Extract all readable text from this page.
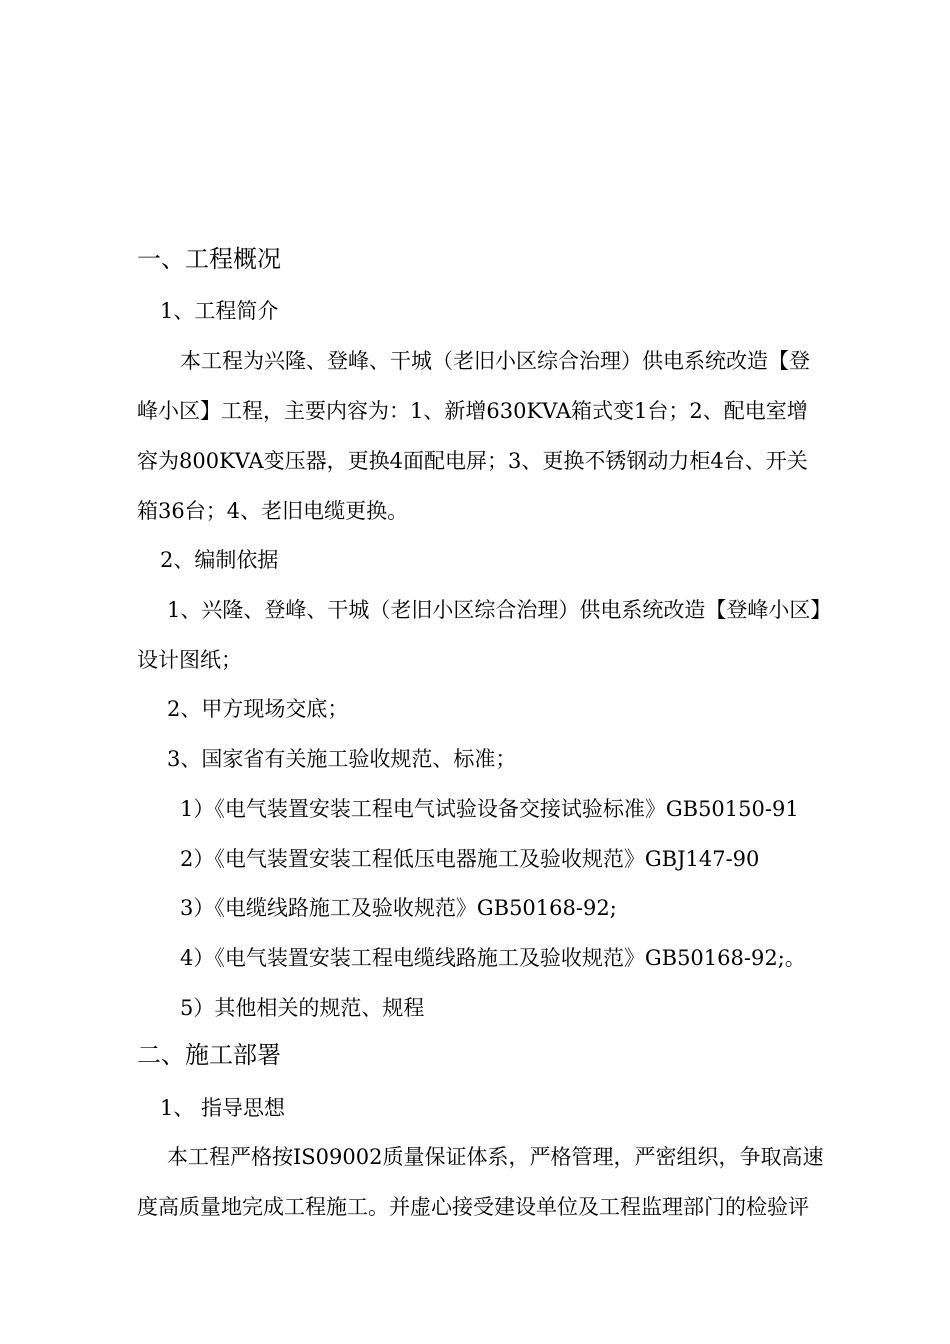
一、工程概况
1、工程简介
本工程为兴隆、登峰、干城（老旧小区综合治理）供电系统改造【登
峰小区】工程，主要内容为：1、新增630KVA箱式变1台；2、配电室增
容为800KVA变压器，更换4面配电屏；3、更换不锈钢动力柜4台、开关
箱36台；4、老旧电缆更换。
2、编制依据
1、兴隆、登峰、干城（老旧小区综合治理）供电系统改造【登峰小区】
设计图纸；
2、甲方现场交底；
3、国家省有关施工验收规范、标准；
1）《电气装置安装工程电气试验设备交接试验标准》GB50150-91
2）《电气装置安装工程低压电器施工及验收规范》GBJ147-90
3）《电缆线路施工及验收规范》GB50168-92;
4）《电气装置安装工程电缆线路施工及验收规范》GB50168-92;。
5）其他相关的规范、规程
二、施工部署
1、 指导思想
本工程严格按IS09002质量保证体系，严格管理，严密组织，争取高速
度高质量地完成工程施工。并虚心接受建设单位及工程监理部门的检验评
